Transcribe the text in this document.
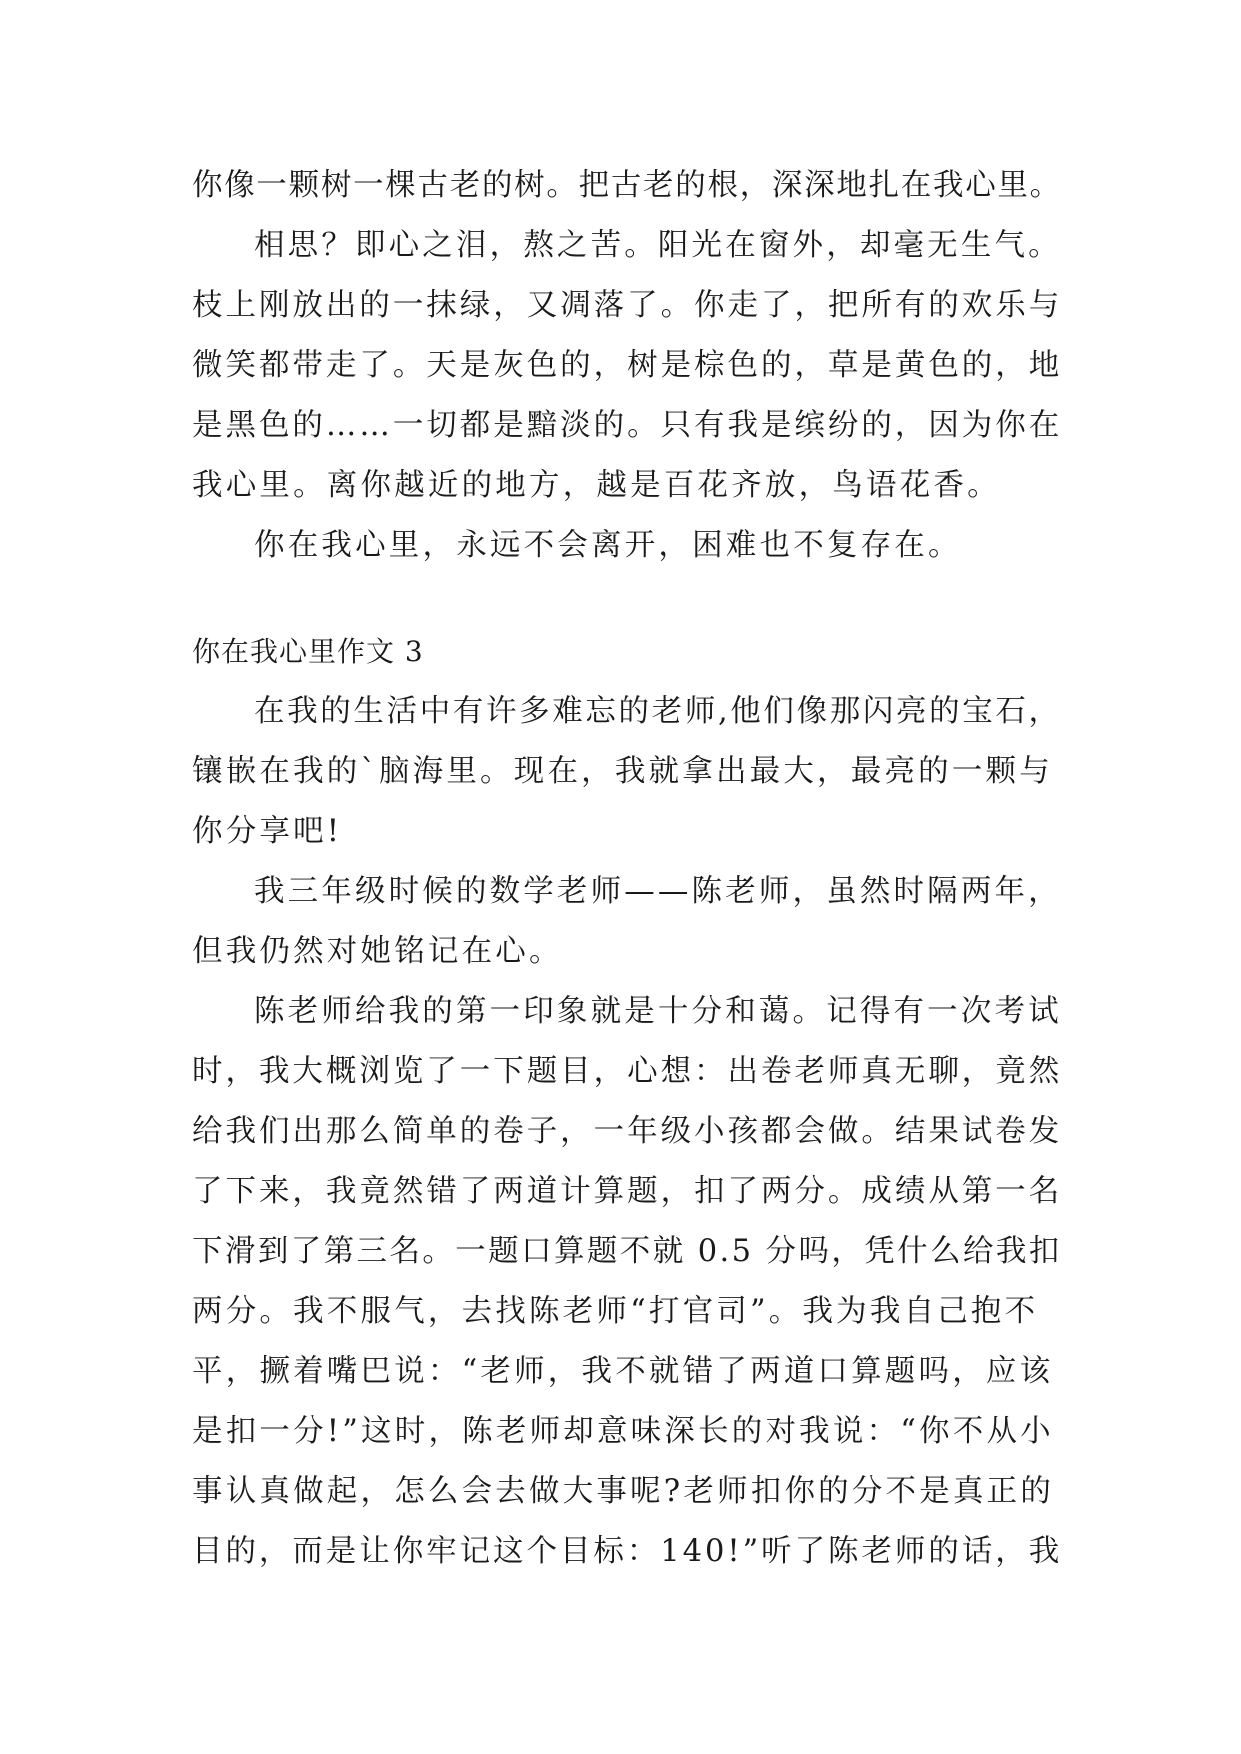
你像一颗树一棵古老的树。把古老的根，深深地扎在我心里。

相思？即心之泪，熬之苦。阳光在窗外，却毫无生气。

枝上刚放出的一抹绿，又凋落了。你走了，把所有的欢乐与

微笑都带走了。天是灰色的，树是棕色的，草是黄色的，地

是黑色的……一切都是黯淡的。只有我是缤纷的，因为你在

我心里。离你越近的地方，越是百花齐放，鸟语花香。

你在我心里，永远不会离开，困难也不复存在。

你在我心里作文 3

在我的生活中有许多难忘的老师,他们像那闪亮的宝石，

镶嵌在我的`脑海里。现在，我就拿出最大，最亮的一颗与

你分享吧!

我三年级时候的数学老师——陈老师，虽然时隔两年，

但我仍然对她铭记在心。

陈老师给我的第一印象就是十分和蔼。记得有一次考试

时，我大概浏览了一下题目，心想：出卷老师真无聊，竟然

给我们出那么简单的卷子，一年级小孩都会做。结果试卷发

了下来，我竟然错了两道计算题，扣了两分。成绩从第一名

下滑到了第三名。一题口算题不就 0.5 分吗，凭什么给我扣

两分。我不服气，去找陈老师“打官司”。我为我自己抱不

平，撅着嘴巴说：“老师，我不就错了两道口算题吗，应该

是扣一分!”这时，陈老师却意味深长的对我说：“你不从小

事认真做起，怎么会去做大事呢?老师扣你的分不是真正的

目的，而是让你牢记这个目标：140!”听了陈老师的话，我
